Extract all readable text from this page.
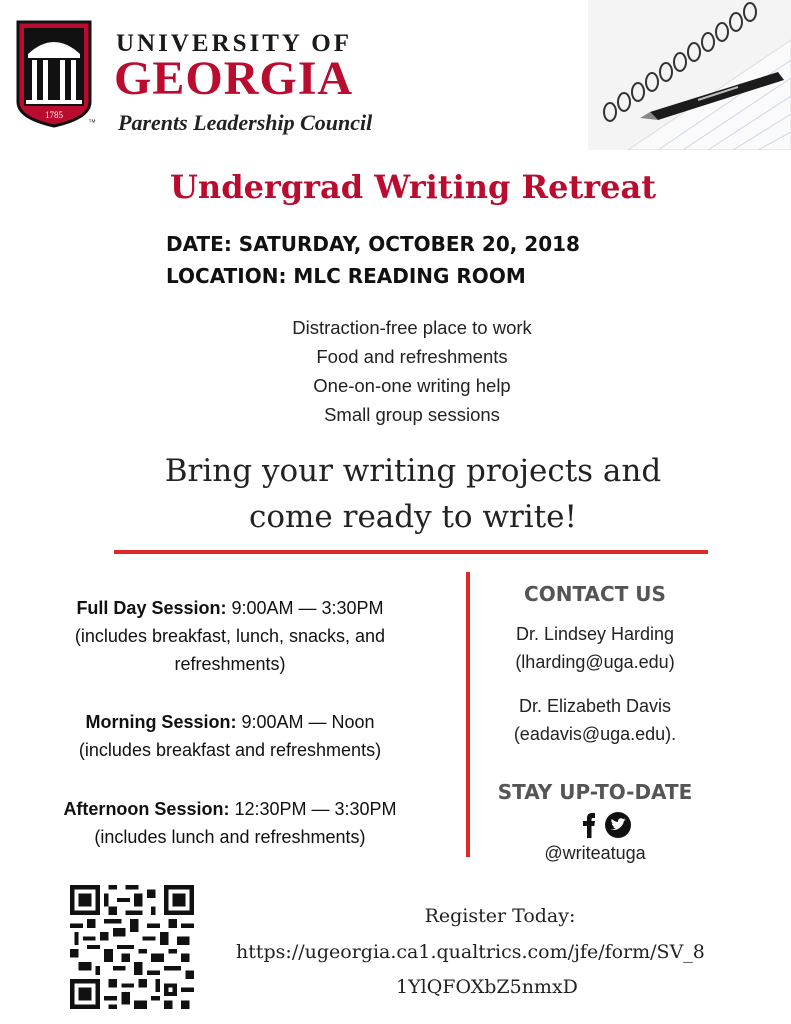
1785
™
UNIVERSITY OF
GEORGIA
Parents Leadership Council
Undergrad Writing Retreat
DATE: SATURDAY, OCTOBER 20, 2018
LOCATION: MLC READING ROOM
Distraction-free place to work
Food and refreshments
One-on-one writing help
Small group sessions
Bring your writing projects and
come ready to write!
Full Day Session: 9:00AM — 3:30PM
(includes breakfast, lunch, snacks, and
refreshments)
Morning Session: 9:00AM — Noon
(includes breakfast and refreshments)
Afternoon Session: 12:30PM — 3:30PM
(includes lunch and refreshments)
CONTACT US
Dr. Lindsey Harding
(lharding@uga.edu)
Dr. Elizabeth Davis
(eadavis@uga.edu).
STAY UP-TO-DATE
@writeatuga
Register Today:
https://ugeorgia.ca1.qualtrics.com/jfe/form/SV_8
1YlQFOXbZ5nmxD
